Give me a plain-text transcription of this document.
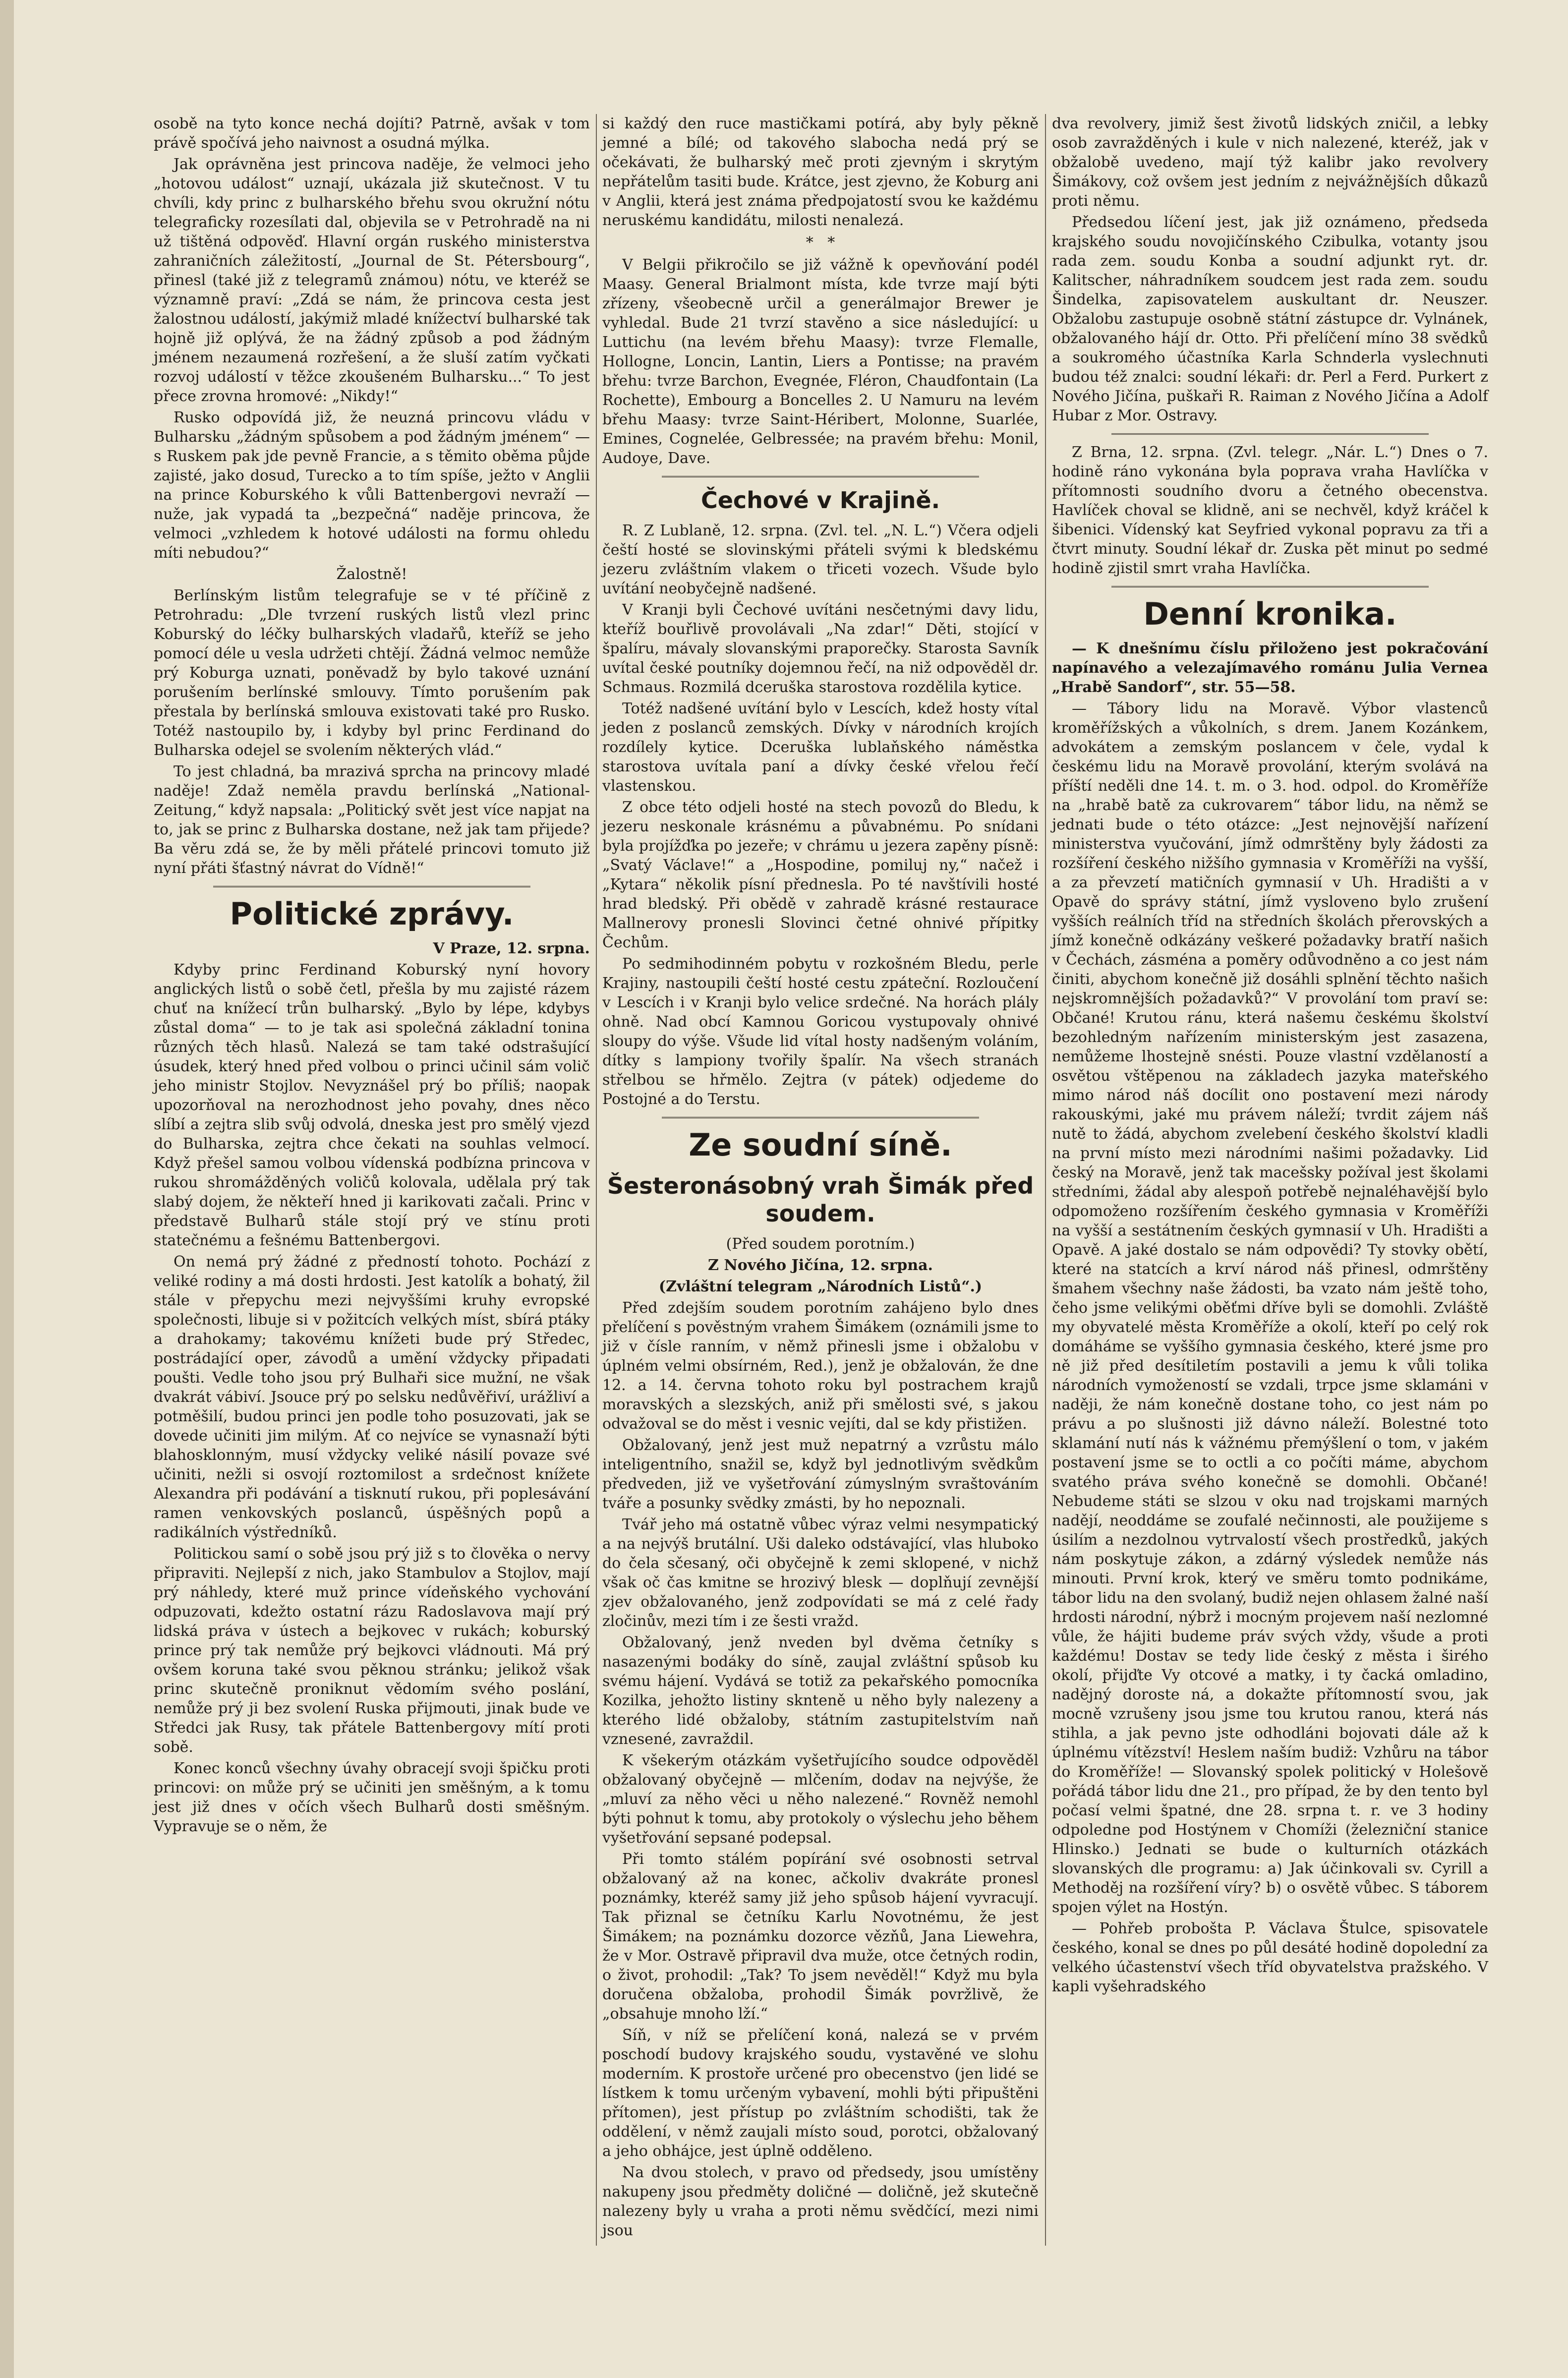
osobě na tyto konce nechá dojíti? Patrně, avšak v tom právě spočívá jeho naivnost a osudná mýlka.

Jak oprávněna jest princova naděje, že velmoci jeho „hotovou událost“ uznají, ukázala již skutečnost. V tu chvíli, kdy princ z bulharského břehu svou okružní nótu telegraficky rozesílati dal, objevila se v Petrohradě na ni už tištěná odpověď. Hlavní orgán ruského ministerstva zahraničních záležitostí, „Journal de St. Pétersbourg“, přinesl (také již z telegramů známou) nótu, ve kteréž se významně praví: „Zdá se nám, že princova cesta jest žalostnou událostí, jakýmiž mladé knížectví bulharské tak hojně již oplývá, že na žádný způsob a pod žádným jménem nezaumená rozřešení, a že sluší zatím vyčkati rozvoj událostí v těžce zkoušeném Bulharsku...“ To jest přece zrovna hromové: „Nikdy!“

Rusko odpovídá již, že neuzná princovu vládu v Bulharsku „žádným spůsobem a pod žádným jménem“ — s Ruskem pak jde pevně Francie, a s těmito oběma půjde zajisté, jako dosud, Turecko a to tím spíše, ježto v Anglii na prince Koburského k vůli Battenbergovi nevraží — nuže, jak vypadá ta „bezpečná“ naděje princova, že velmoci „vzhledem k hotové události na formu ohledu míti nebudou?“

Žalostně!

Berlínským listům telegrafuje se v té příčině z Petrohradu: „Dle tvrzení ruských listů vlezl princ Koburský do léčky bulharských vladařů, kteříž se jeho pomocí déle u vesla udržeti chtějí. Žádná velmoc nemůže prý Koburga uznati, poněvadž by bylo takové uznání porušením berlínské smlouvy. Tímto porušením pak přestala by berlínská smlouva existovati také pro Rusko. Totéž nastoupilo by, i kdyby byl princ Ferdinand do Bulharska odejel se svolením některých vlád.“

To jest chladná, ba mrazivá sprcha na princovy mladé naděje! Zdaž neměla pravdu berlínská „National-Zeitung,“ když napsala: „Politický svět jest více napjat na to, jak se princ z Bulharska dostane, než jak tam přijede? Ba věru zdá se, že by měli přátelé princovi tomuto již nyní přáti šťastný návrat do Vídně!“

Politické zprávy.

V Praze, 12. srpna.

Kdyby princ Ferdinand Koburský nyní hovory anglických listů o sobě četl, přešla by mu zajisté rázem chuť na knížecí trůn bulharský. „Bylo by lépe, kdybys zůstal doma“ — to je tak asi společná základní tonina různých těch hlasů. Nalezá se tam také odstrašující úsudek, který hned před volbou o princi učinil sám volič jeho ministr Stojlov. Nevyznášel prý bo příliš; naopak upozorňoval na nerozhodnost jeho povahy, dnes něco slíbí a zejtra slib svůj odvolá, dneska jest pro smělý vjezd do Bulharska, zejtra chce čekati na souhlas velmocí. Když přešel samou volbou vídenská podbízna princova v rukou shromážděných voličů kolovala, udělala prý tak slabý dojem, že někteří hned ji karikovati začali. Princ v představě Bulharů stále stojí prý ve stínu proti statečnému a fešnému Battenbergovi.

On nemá prý žádné z předností tohoto. Pochází z veliké rodiny a má dosti hrdosti. Jest katolík a bohatý, žil stále v přepychu mezi nejvyššími kruhy evropské společnosti, libuje si v požitcích velkých míst, sbírá ptáky a drahokamy; takovému knížeti bude prý Středec, postrádající oper, závodů a umění vždycky připadati poušti. Vedle toho jsou prý Bulhaři sice mužní, ne však dvakrát vábiví. Jsouce prý po selsku nedůvěřiví, urážliví a potměšilí, budou princi jen podle toho posuzovati, jak se dovede učiniti jim milým. Ať co nejvíce se vynasnaží býti blahosklonným, musí vždycky veliké násilí povaze své učiniti, nežli si osvojí roztomilost a srdečnost knížete Alexandra při podávání a tisknutí rukou, při poplesávání ramen venkovských poslanců, úspěšných popů a radikálních výstředníků.

Politickou samí o sobě jsou prý již s to člověka o nervy připraviti. Nejlepší z nich, jako Stambulov a Stojlov, mají prý náhledy, které muž prince vídeňského vychování odpuzovati, kdežto ostatní rázu Radoslavova mají prý lidská práva v ústech a bejkovec v rukách; koburský prince prý tak nemůže prý bejkovci vládnouti. Má prý ovšem koruna také svou pěknou stránku; jelikož však princ skutečně proniknut vědomím svého poslání, nemůže prý ji bez svolení Ruska přijmouti, jinak bude ve Středci jak Rusy, tak přátele Battenbergovy mítí proti sobě.

Konec konců všechny úvahy obracejí svoji špičku proti princovi: on může prý se učiniti jen směšným, a k tomu jest již dnes v očích všech Bulharů dosti směšným. Vypravuje se o něm, že

si každý den ruce mastičkami potírá, aby byly pěkně jemné a bílé; od takového slabocha nedá prý se očekávati, že bulharský meč proti zjevným i skrytým nepřátelům tasiti bude. Krátce, jest zjevno, že Koburg ani v Anglii, která jest známa předpojatostí svou ke každému neruskému kandidátu, milosti nenalezá.

*   *

V Belgii přikročilo se již vážně k opevňování podél Maasy. General Brialmont místa, kde tvrze mají býti zřízeny, všeobecně určil a generálmajor Brewer je vyhledal. Bude 21 tvrzí stavěno a sice následující: u Luttichu (na levém břehu Maasy): tvrze Flemalle, Hollogne, Loncin, Lantin, Liers a Pontisse; na pravém břehu: tvrze Barchon, Evegnée, Fléron, Chaudfontain (La Rochette), Embourg a Boncelles 2. U Namuru na levém břehu Maasy: tvrze Saint-Héribert, Molonne, Suarlée, Emines, Cognelée, Gelbressée; na pravém břehu: Monil, Audoye, Dave.

Čechové v Krajině.

R. Z Lublaně, 12. srpna. (Zvl. tel. „N. L.“) Včera odjeli čeští hosté se slovinskými přáteli svými k bledskému jezeru zvláštním vlakem o třiceti vozech. Všude bylo uvítání neobyčejně nadšené.

V Kranji byli Čechové uvítáni nesčetnými davy lidu, kteříž bouřlivě provolávali „Na zdar!“ Děti, stojící v špalíru, mávaly slovanskými praporečky. Starosta Savník uvítal české poutníky dojemnou řečí, na niž odpověděl dr. Schmaus. Rozmilá dceruška starostova rozdělila kytice.

Totéž nadšené uvítání bylo v Lescích, kdež hosty vítal jeden z poslanců zemských. Dívky v národních krojích rozdílely kytice. Dceruška lublaňského náměstka starostova uvítala paní a dívky české vřelou řečí vlastenskou.

Z obce této odjeli hosté na stech povozů do Bledu, k jezeru neskonale krásnému a půvabnému. Po snídani byla projížďka po jezeře; v chrámu u jezera zapěny písně: „Svatý Václave!“ a „Hospodine, pomiluj ny,“ načež i „Kytara“ několik písní přednesla. Po té navštívili hosté hrad bledský. Při obědě v zahradě krásné restaurace Mallnerovy pronesli Slovinci četné ohnivé přípitky Čechům.

Po sedmihodinném pobytu v rozkošném Bledu, perle Krajiny, nastoupili čeští hosté cestu zpáteční. Rozloučení v Lescích i v Kranji bylo velice srdečné. Na horách plály ohně. Nad obcí Kamnou Goricou vystupovaly ohnivé sloupy do výše. Všude lid vítal hosty nadšeným voláním, dítky s lampiony tvořily špalír. Na všech stranách střelbou se hřmělo. Zejtra (v pátek) odjedeme do Postojné a do Terstu.

Ze soudní síně.
Šesteronásobný vrah Šimák před soudem.

(Před soudem porotním.)

Z Nového Jičína, 12. srpna.

(Zvláštní telegram „Národních Listů“.)

Před zdejším soudem porotním zahájeno bylo dnes přelíčení s pověstným vrahem Šimákem (oznámili jsme to již v čísle ranním, v němž přinesli jsme i obžalobu v úplném velmi obsírném, Red.), jenž je obžalován, že dne 12. a 14. června tohoto roku byl postrachem krajů moravských a slezských, aniž při smělosti své, s jakou odvažoval se do měst i vesnic vejíti, dal se kdy přistižen.

Obžalovaný, jenž jest muž nepatrný a vzrůstu málo inteligentního, snažil se, když byl jednotlivým svědkům předveden, již ve vyšetřování zúmyslným svraštováním tváře a posunky svědky zmásti, by ho nepoznali.

Tvář jeho má ostatně vůbec výraz velmi nesympatický a na nejvýš brutální. Uši daleko odstávající, vlas hluboko do čela sčesaný, oči obyčejně k zemi sklopené, v nichž však oč čas kmitne se hrozivý blesk — doplňují zevnější zjev obžalovaného, jenž zodpovídati se má z celé řady zločinův, mezi tím i ze šesti vražd.

Obžalovaný, jenž nveden byl dvěma četníky s nasazenými bodáky do síně, zaujal zvláštní spůsob ku svému hájení. Vydává se totiž za pekařského pomocníka Kozilka, jehožto listiny sknteně u něho byly nalezeny a kterého lidé obžaloby, státním zastupitelstvím naň vznesené, zavraždil.

K všekerým otázkám vyšetřujícího soudce odpověděl obžalovaný obyčejně — mlčením, dodav na nejvýše, že „mluví za něho věci u něho nalezené.“ Rovněž nemohl býti pohnut k tomu, aby protokoly o výslechu jeho během vyšetřování sepsané podepsal.

Při tomto stálém popírání své osobnosti setrval obžalovaný až na konec, ačkoliv dvakráte pronesl poznámky, kteréž samy již jeho spůsob hájení vyvracují. Tak přiznal se četníku Karlu Novotnému, že jest Šimákem; na poznámku dozorce vězňů, Jana Liewehra, že v Mor. Ostravě připravil dva muže, otce četných rodin, o život, prohodil: „Tak? To jsem nevěděl!“ Když mu byla doručena obžaloba, prohodil Šimák povržlivě, že „obsahuje mnoho lží.“

Síň, v níž se přelíčení koná, nalezá se v prvém poschodí budovy krajského soudu, vystavěné ve slohu moderním. K prostoře určené pro obecenstvo (jen lidé se lístkem k tomu určeným vybavení, mohli býti připuštěni přítomen), jest přístup po zvláštním schodišti, tak že oddělení, v němž zaujali místo soud, porotci, obžalovaný a jeho obhájce, jest úplně odděleno.

Na dvou stolech, v pravo od předsedy, jsou umístěny nakupeny jsou předměty doličné — doličně, jež skutečně nalezeny byly u vraha a proti němu svědčící, mezi nimi jsou

dva revolvery, jimiž šest životů lidských zničil, a lebky osob zavražděných i kule v nich nalezené, kteréž, jak v obžalobě uvedeno, mají týž kalibr jako revolvery Šimákovy, což ovšem jest jedním z nejvážnějších důkazů proti němu.

Předsedou líčení jest, jak již oznámeno, předseda krajského soudu novojičínského Czibulka, votanty jsou rada zem. soudu Konba a soudní adjunkt ryt. dr. Kalitscher, náhradníkem soudcem jest rada zem. soudu Šindelka, zapisovatelem auskultant dr. Neuszer. Obžalobu zastupuje osobně státní zástupce dr. Vylnánek, obžalovaného hájí dr. Otto. Při přelíčení míno 38 svědků a soukromého účastníka Karla Schnderla vyslechnuti budou též znalci: soudní lékaři: dr. Perl a Ferd. Purkert z Nového Jičína, puškaři R. Raiman z Nového Jičína a Adolf Hubar z Mor. Ostravy.

Z Brna, 12. srpna. (Zvl. telegr. „Nár. L.“) Dnes o 7. hodině ráno vykonána byla poprava vraha Havlíčka v přítomnosti soudního dvoru a četného obecenstva. Havlíček choval se klidně, ani se nechvěl, když kráčel k šibenici. Vídenský kat Seyfried vykonal popravu za tři a čtvrt minuty. Soudní lékař dr. Zuska pět minut po sedmé hodině zjistil smrt vraha Havlíčka.

Denní kronika.

— K dnešnímu číslu přiloženo jest pokračování napínavého a velezajímavého románu Julia Vernea „Hrabě Sandorf“, str. 55—58.

— Tábory lidu na Moravě. Výbor vlastenců kroměřížských a vůkolních, s drem. Janem Kozánkem, advokátem a zemským poslancem v čele, vydal k českému lidu na Moravě provolání, kterým svolává na příští neděli dne 14. t. m. o 3. hod. odpol. do Kroměříže na „hrabě batě za cukrovarem“ tábor lidu, na němž se jednati bude o této otázce: „Jest nejnovější nařízení ministerstva vyučování, jímž odmrštěny byly žádosti za rozšíření českého nižšího gymnasia v Kroměříži na vyšší, a za převzetí matičních gymnasií v Uh. Hradišti a v Opavě do správy státní, jímž vysloveno bylo zrušení vyšších reálních tříd na středních školách přerovských a jímž konečně odkázány veškeré požadavky bratří našich v Čechách, zásména a poměry odůvodněno a co jest nám činiti, abychom konečně již dosáhli splnění těchto našich nejskromnějších požadavků?“ V provolání tom praví se: Občané! Krutou ránu, která našemu českému školství bezohledným nařízením ministerským jest zasazena, nemůžeme lhostejně snésti. Pouze vlastní vzdělaností a osvětou vštěpenou na základech jazyka mateřského mimo národ náš docílit ono postavení mezi národy rakouskými, jaké mu právem náleží; tvrdit zájem náš nutě to žádá, abychom zvelebení českého školství kladli na první místo mezi národními našimi požadavky. Lid český na Moravě, jenž tak macešsky požíval jest školami středními, žádal aby alespoň potřebě nejnaléhavější bylo odpomoženo rozšířením českého gymnasia v Kroměříži na vyšší a sestátnením českých gymnasií v Uh. Hradišti a Opavě. A jaké dostalo se nám odpovědi? Ty stovky obětí, které na statcích a krví národ náš přinesl, odmrštěny šmahem všechny naše žádosti, ba vzato nám ještě toho, čeho jsme velikými oběťmi dříve byli se domohli. Zvláště my obyvatelé města Kroměříže a okolí, kteří po celý rok domáháme se vyššího gymnasia českého, které jsme pro ně již před desítiletím postavili a jemu k vůli tolika národních vymožeností se vzdali, trpce jsme sklamáni v naději, že nám konečně dostane toho, co jest nám po právu a po slušnosti již dávno náleží. Bolestné toto sklamání nutí nás k vážnému přemýšlení o tom, v jakém postavení jsme se to octli a co počíti máme, abychom svatého práva svého konečně se domohli. Občané! Nebudeme státi se slzou v oku nad trojskami marných nadějí, neoddáme se zoufalé nečinnosti, ale použijeme s úsilím a nezdolnou vytrvalostí všech prostředků, jakých nám poskytuje zákon, a zdárný výsledek nemůže nás minouti. První krok, který ve směru tomto podnikáme, tábor lidu na den svolaný, budiž nejen ohlasem žalné naší hrdosti národní, nýbrž i mocným projevem naší nezlomné vůle, že hájiti budeme práv svých vždy, všude a proti každému! Dostav se tedy lide český z města i širého okolí, přijďte Vy otcové a matky, i ty čacká omladino, nadějný doroste ná, a dokažte přítomností svou, jak mocně vzrušeny jsou jsme tou krutou ranou, která nás stihla, a jak pevno jste odhodláni bojovati dále až k úplnému vítězství! Heslem naším budiž: Vzhůru na tábor do Kroměříže! — Slovanský spolek politický v Holešově pořádá tábor lidu dne 21., pro případ, že by den tento byl počasí velmi špatné, dne 28. srpna t. r. ve 3 hodiny odpoledne pod Hostýnem v Chomíži (železniční stanice Hlinsko.) Jednati se bude o kulturních otázkách slovanských dle programu: a) Jak účinkovali sv. Cyrill a Methoděj na rozšíření víry? b) o osvětě vůbec. S táborem spojen výlet na Hostýn.

— Pohřeb probošta P. Václava Štulce, spisovatele českého, konal se dnes po půl desáté hodině dopolední za velkého účastenství všech tříd obyvatelstva pražského. V kapli vyšehradského
